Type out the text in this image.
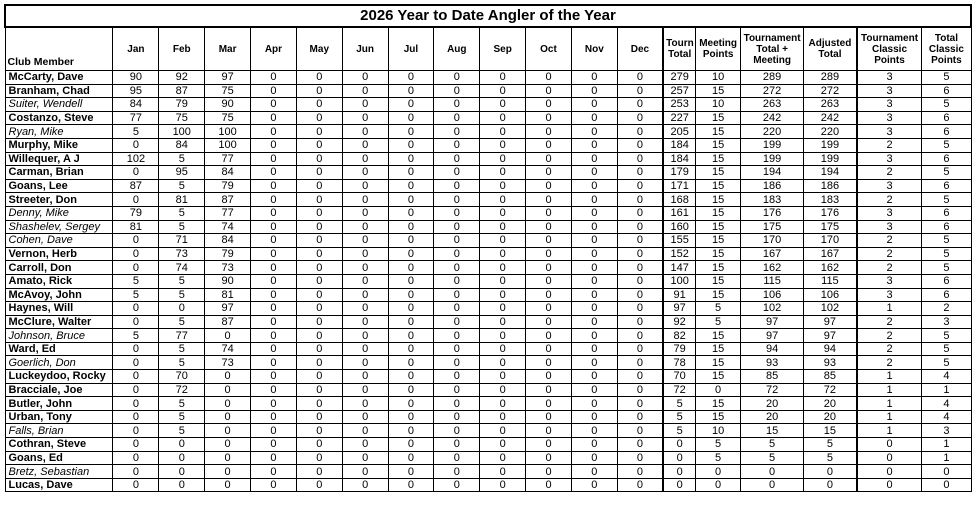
2026 Year to Date Angler of the Year																		
Club Member	Jan	Feb	Mar	Apr	May	Jun	Jul	Aug	Sep	Oct	Nov	Dec	Tourn Total	Meeting Points	Tournament Total + Meeting	Adjusted Total	Tournament Classic Points	Total Classic Points
McCarty, Dave	90	92	97	0	0	0	0	0	0	0	0	0	279	10	289	289	3	5
Branham, Chad	95	87	75	0	0	0	0	0	0	0	0	0	257	15	272	272	3	6
Suiter, Wendell	84	79	90	0	0	0	0	0	0	0	0	0	253	10	263	263	3	5
Costanzo, Steve	77	75	75	0	0	0	0	0	0	0	0	0	227	15	242	242	3	6
Ryan, Mike	5	100	100	0	0	0	0	0	0	0	0	0	205	15	220	220	3	6
Murphy, Mike	0	84	100	0	0	0	0	0	0	0	0	0	184	15	199	199	2	5
Willequer, A J	102	5	77	0	0	0	0	0	0	0	0	0	184	15	199	199	3	6
Carman, Brian	0	95	84	0	0	0	0	0	0	0	0	0	179	15	194	194	2	5
Goans, Lee	87	5	79	0	0	0	0	0	0	0	0	0	171	15	186	186	3	6
Streeter, Don	0	81	87	0	0	0	0	0	0	0	0	0	168	15	183	183	2	5
Denny, Mike	79	5	77	0	0	0	0	0	0	0	0	0	161	15	176	176	3	6
Shashelev, Sergey	81	5	74	0	0	0	0	0	0	0	0	0	160	15	175	175	3	6
Cohen, Dave	0	71	84	0	0	0	0	0	0	0	0	0	155	15	170	170	2	5
Vernon, Herb	0	73	79	0	0	0	0	0	0	0	0	0	152	15	167	167	2	5
Carroll, Don	0	74	73	0	0	0	0	0	0	0	0	0	147	15	162	162	2	5
Amato, Rick	5	5	90	0	0	0	0	0	0	0	0	0	100	15	115	115	3	6
McAvoy, John	5	5	81	0	0	0	0	0	0	0	0	0	91	15	106	106	3	6
Haynes, Will	0	0	97	0	0	0	0	0	0	0	0	0	97	5	102	102	1	2
McClure, Walter	0	5	87	0	0	0	0	0	0	0	0	0	92	5	97	97	2	3
Johnson, Bruce	5	77	0	0	0	0	0	0	0	0	0	0	82	15	97	97	2	5
Ward, Ed	0	5	74	0	0	0	0	0	0	0	0	0	79	15	94	94	2	5
Goerlich, Don	0	5	73	0	0	0	0	0	0	0	0	0	78	15	93	93	2	5
Luckeydoo, Rocky	0	70	0	0	0	0	0	0	0	0	0	0	70	15	85	85	1	4
Bracciale, Joe	0	72	0	0	0	0	0	0	0	0	0	0	72	0	72	72	1	1
Butler, John	0	5	0	0	0	0	0	0	0	0	0	0	5	15	20	20	1	4
Urban, Tony	0	5	0	0	0	0	0	0	0	0	0	0	5	15	20	20	1	4
Falls, Brian	0	5	0	0	0	0	0	0	0	0	0	0	5	10	15	15	1	3
Cothran, Steve	0	0	0	0	0	0	0	0	0	0	0	0	0	5	5	5	0	1
Goans, Ed	0	0	0	0	0	0	0	0	0	0	0	0	0	5	5	5	0	1
Bretz, Sebastian	0	0	0	0	0	0	0	0	0	0	0	0	0	0	0	0	0	0
Lucas, Dave	0	0	0	0	0	0	0	0	0	0	0	0	0	0	0	0	0	0
